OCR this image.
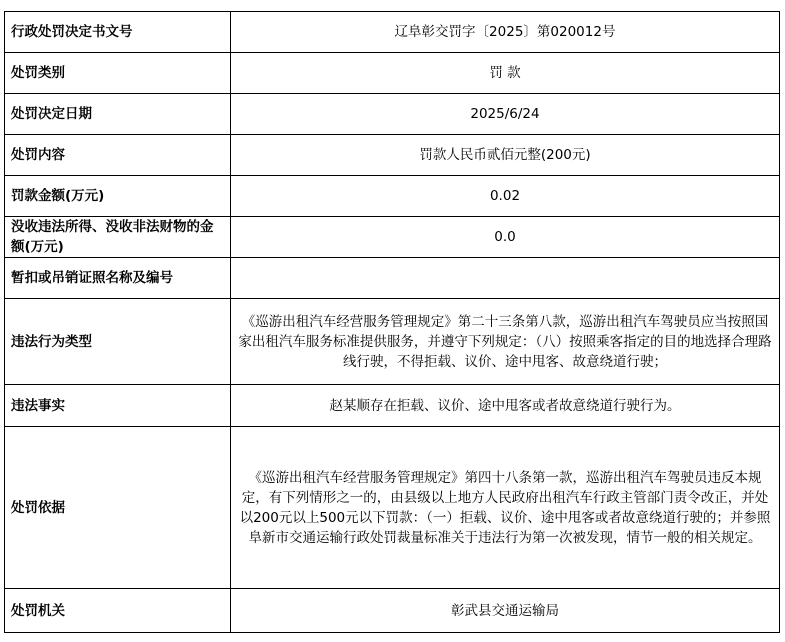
行政处罚决定书文号	辽阜彰交罚字〔2025〕第020012号
处罚类别	罚 款
处罚决定日期	2025/6/24
处罚内容	罚款人民币贰佰元整(200元)
罚款金额(万元)	0.02
没收违法所得、没收非法财物的金额(万元)	0.0
暂扣或吊销证照名称及编号	
违法行为类型	《巡游出租汽车经营服务管理规定》第二十三条第八款，巡游出租汽车驾驶员应当按照国家出租汽车服务标准提供服务，并遵守下列规定：（八）按照乘客指定的目的地选择合理路线行驶，不得拒载、议价、途中甩客、故意绕道行驶；
违法事实	赵某顺存在拒载、议价、途中甩客或者故意绕道行驶行为。
处罚依据	《巡游出租汽车经营服务管理规定》第四十八条第一款，巡游出租汽车驾驶员违反本规定，有下列情形之一的，由县级以上地方人民政府出租汽车行政主管部门责令改正，并处以200元以上500元以下罚款：（一）拒载、议价、途中甩客或者故意绕道行驶的；并参照阜新市交通运输行政处罚裁量标准关于违法行为第一次被发现，情节一般的相关规定。
处罚机关	彰武县交通运输局
